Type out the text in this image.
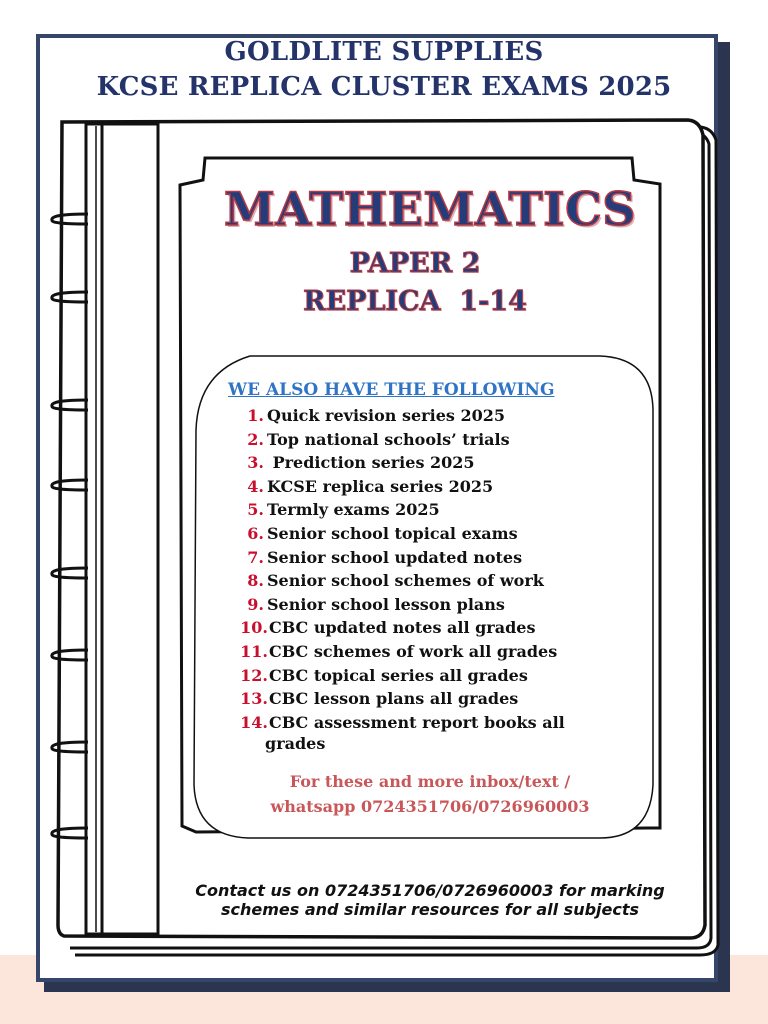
GOLDLITE SUPPLIES
KCSE REPLICA CLUSTER EXAMS 2025
MATHEMATICS
PAPER 2
REPLICA  1-14
WE ALSO HAVE THE FOLLOWING
1. Quick revision series 2025
2. Top national schools’ trials
3. Prediction series 2025
4. KCSE replica series 2025
5. Termly exams 2025
6. Senior school topical exams
7. Senior school updated notes
8. Senior school schemes of work
9. Senior school lesson plans
10. CBC updated notes all grades
11. CBC schemes of work all grades
12. CBC topical series all grades
13. CBC lesson plans all grades
14. CBC assessment report books all
grades
For these and more inbox/text /
whatsapp 0724351706/0726960003
Contact us on 0724351706/0726960003 for marking
schemes and similar resources for all subjects
